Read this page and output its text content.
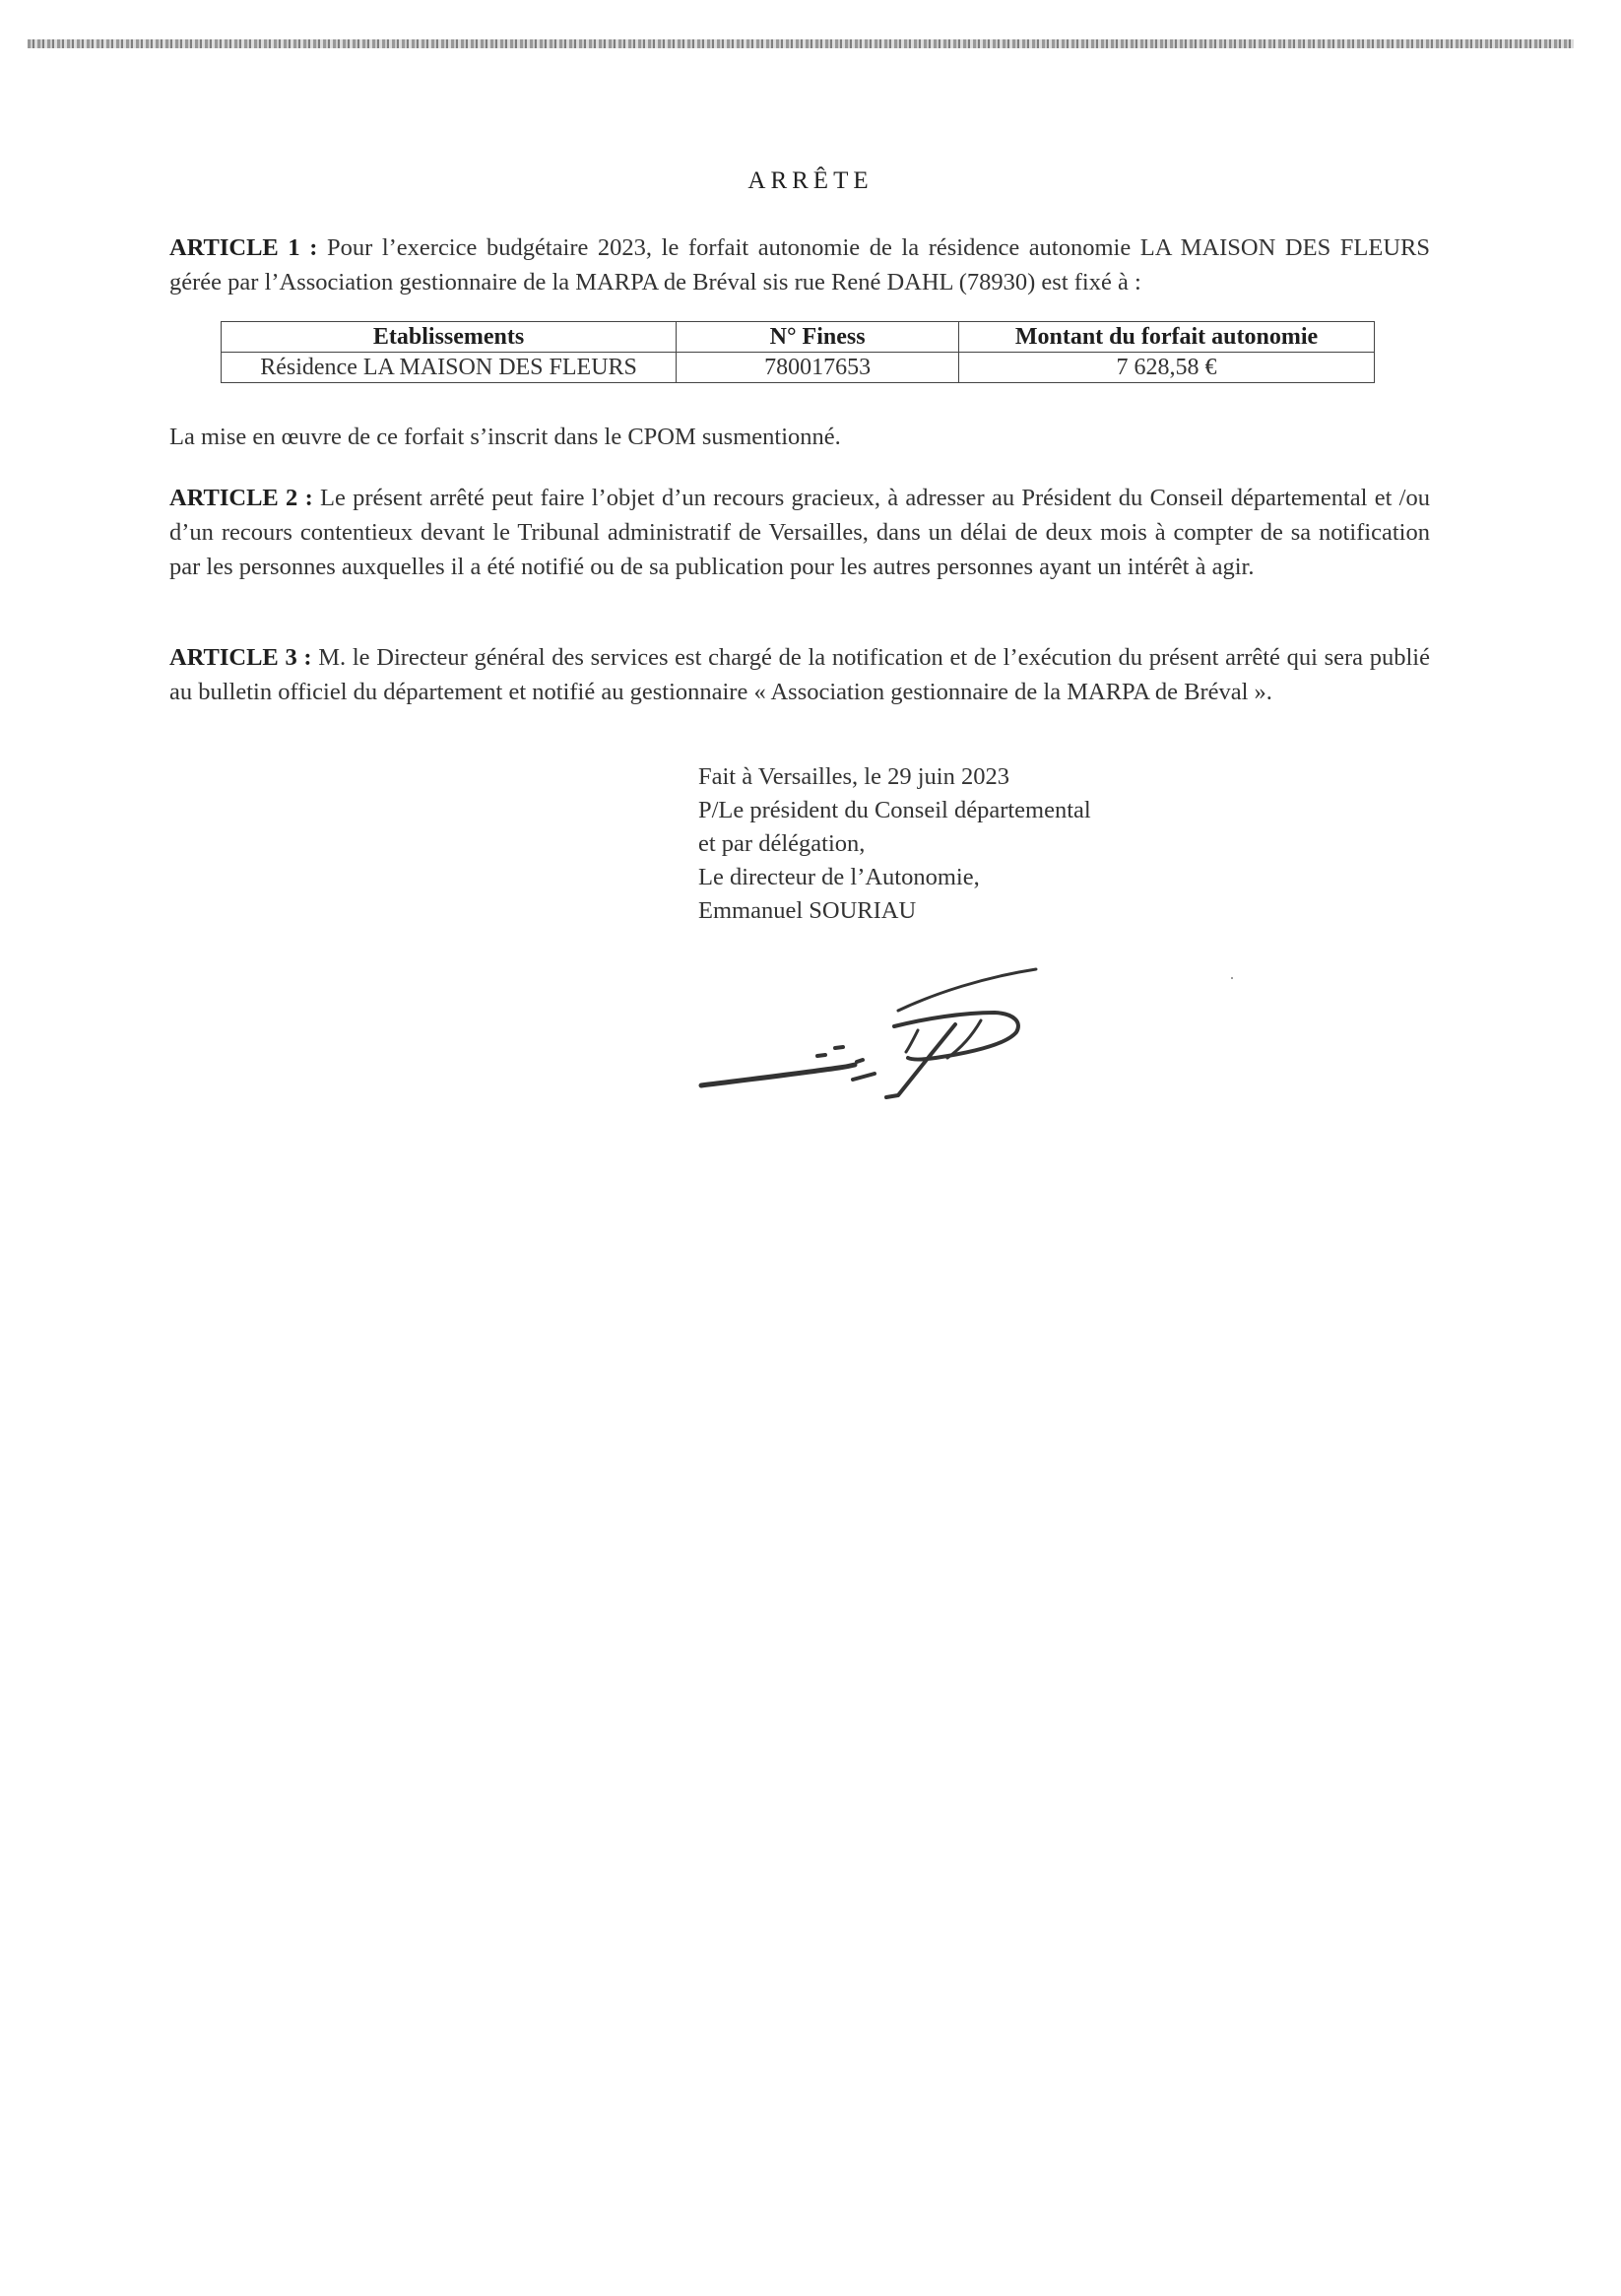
ARRÊTE
ARTICLE 1 : Pour l’exercice budgétaire 2023, le forfait autonomie de la résidence autonomie LA MAISON DES FLEURS gérée par l’Association gestionnaire de la MARPA de Bréval sis rue René DAHL (78930) est fixé à :
Etablissements	N° Finess	Montant du forfait autonomie
Résidence LA MAISON DES FLEURS	780017653	7 628,58 €
La mise en œuvre de ce forfait s’inscrit dans le CPOM susmentionné.
ARTICLE 2 : Le présent arrêté peut faire l’objet d’un recours gracieux, à adresser au Président du Conseil départemental et /ou d’un recours contentieux devant le Tribunal administratif de Versailles, dans un délai de deux mois à compter de sa notification par les personnes auxquelles il a été notifié ou de sa publication pour les autres personnes ayant un intérêt à agir.
ARTICLE 3 : M. le Directeur général des services est chargé de la notification et de l’exécution du présent arrêté qui sera publié au bulletin officiel du département et notifié au gestionnaire « Association gestionnaire de la MARPA de Bréval ».
Fait à Versailles, le 29 juin 2023
P/Le président du Conseil départemental
et par délégation,
Le directeur de l’Autonomie,
Emmanuel SOURIAU
